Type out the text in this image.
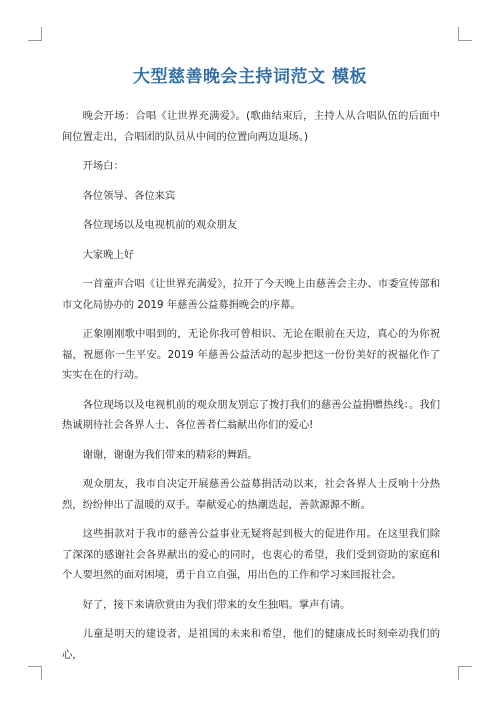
大型慈善晚会主持词范文 模板

晚会开场：合唱《让世界充满爱》。(歌曲结束后，主持人从合唱队伍的后面中间位置走出，合唱团的队员从中间的位置向两边退场。)

开场白：

各位领导、各位来宾

各位现场以及电视机前的观众朋友

大家晚上好

一首童声合唱《让世界充满爱》，拉开了今天晚上由慈善会主办、市委宣传部和市文化局协办的 2019 年慈善公益募捐晚会的序幕。

正象刚刚歌中唱到的，无论你我可曾相识、无论在眼前在天边，真心的为你祝福，祝愿你一生平安。2019 年慈善公益活动的起步把这一份份美好的祝福化作了实实在在的行动。

各位现场以及电视机前的观众朋友别忘了拨打我们的慈善公益捐赠热线：。我们热诚期待社会各界人士、各位善者仁翁献出你们的爱心!

谢谢，谢谢为我们带来的精彩的舞蹈。

观众朋友，我市自决定开展慈善公益募捐活动以来，社会各界人士反响十分热烈，纷纷伸出了温暖的双手。奉献爱心的热潮迭起，善款源源不断。

这些捐款对于我市的慈善公益事业无疑将起到极大的促进作用。在这里我们除了深深的感谢社会各界献出的爱心的同时，也衷心的希望，我们受到资助的家庭和个人要坦然的面对困境，勇于自立自强，用出色的工作和学习来回报社会。

好了，接下来请欣赏由为我们带来的女生独唱。掌声有请。

儿童是明天的建设者，是祖国的未来和希望，他们的健康成长时刻牵动我们的心，
